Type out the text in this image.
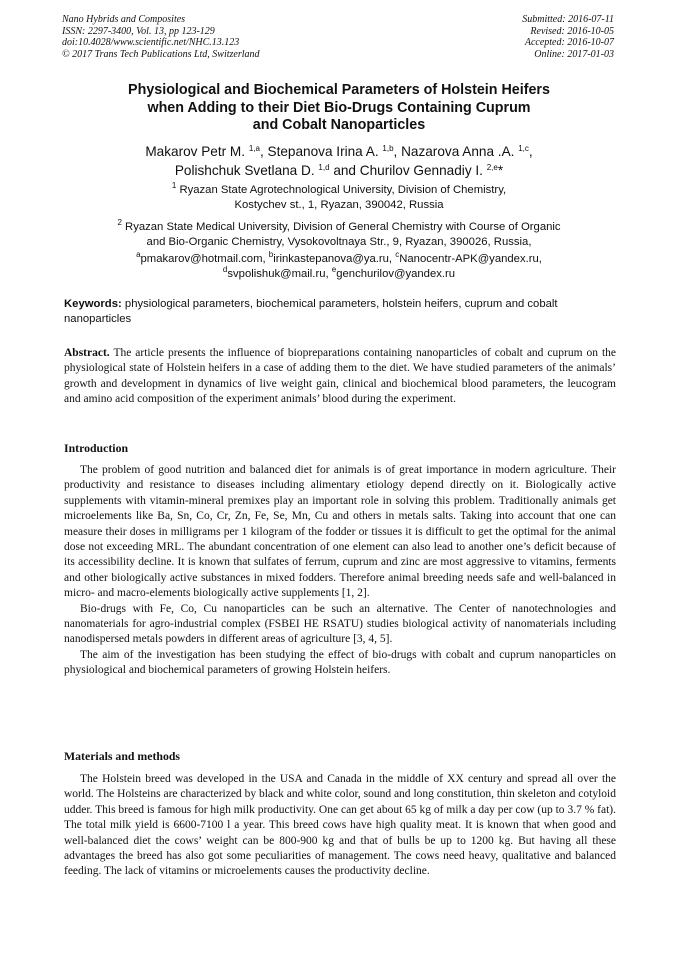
Nano Hybrids and Composites
ISSN: 2297-3400, Vol. 13, pp 123-129
doi:10.4028/www.scientific.net/NHC.13.123
© 2017 Trans Tech Publications Ltd, Switzerland
Submitted: 2016-07-11
Revised: 2016-10-05
Accepted: 2016-10-07
Online: 2017-01-03
Physiological and Biochemical Parameters of Holstein Heifers
when Adding to their Diet Bio-Drugs Containing Cuprum
and Cobalt Nanoparticles
Makarov Petr M. $^{1,a}$, Stepanova Irina A. $^{1,b}$, Nazarova Anna .A. $^{1,c}$,
Polishchuk Svetlana D. $^{1,d}$ and Churilov Gennadiy I. $^{2,e}$*
$^1$ Ryazan State Agrotechnological University, Division of Chemistry,
Kostychev st., 1, Ryazan, 390042, Russia
$^2$ Ryazan State Medical University, Division of General Chemistry with Course of Organic
and Bio-Organic Chemistry, Vysokovoltnaya Str., 9, Ryazan, 390026, Russia,
$^a$pmakarov@hotmail.com, $^b$irinkastepanova@ya.ru, $^c$Nanocentr-APK@yandex.ru,
$^d$svpolishuk@mail.ru, $^e$genchurilov@yandex.ru
Keywords: physiological parameters, biochemical parameters, holstein heifers, cuprum and cobalt nanoparticles

Abstract. The article presents the influence of biopreparations containing nanoparticles of cobalt and cuprum on the physiological state of Holstein heifers in a case of adding them to the diet. We have studied parameters of the animals’ growth and development in dynamics of live weight gain, clinical and biochemical blood parameters, the leucogram and amino acid composition of the experiment animals’ blood during the experiment.

Introduction

The problem of good nutrition and balanced diet for animals is of great importance in modern agriculture. Their productivity and resistance to diseases including alimentary etiology depend directly on it. Biologically active supplements with vitamin-mineral premixes play an important role in solving this problem. Traditionally animals get microelements like Ba, Sn, Co, Cr, Zn, Fe, Se, Mn, Cu and others in metals salts. Taking into account that one can measure their doses in milligrams per 1 kilogram of the fodder or tissues it is difficult to get the optimal for the animal dose not exceeding MRL. The abundant concentration of one element can also lead to another one’s deficit because of its accessibility decline. It is known that sulfates of ferrum, cuprum and zinc are most aggressive to vitamins, ferments and other biologically active substances in mixed fodders. Therefore animal breeding needs safe and well-balanced in micro- and macro-elements biologically active supplements [1, 2].

Bio-drugs with Fe, Co, Cu nanoparticles can be such an alternative. The Center of nanotechnologies and nanomaterials for agro-industrial complex (FSBEI HE RSATU) studies biological activity of nanomaterials including nanodispersed metals powders in different areas of agriculture [3, 4, 5].

The aim of the investigation has been studying the effect of bio-drugs with cobalt and cuprum nanoparticles on physiological and biochemical parameters of growing Holstein heifers.

Materials and methods

The Holstein breed was developed in the USA and Canada in the middle of XX century and spread all over the world. The Holsteins are characterized by black and white color, sound and long constitution, thin skeleton and cotyloid udder. This breed is famous for high milk productivity. One can get about 65 kg of milk a day per cow (up to 3.7 % fat). The total milk yield is 6600-7100 l a year. This breed cows have high quality meat. It is known that when good and well-balanced diet the cows’ weight can be 800-900 kg and that of bulls be up to 1200 kg. But having all these advantages the breed has also got some peculiarities of management. The cows need heavy, qualitative and balanced feeding. The lack of vitamins or microelements causes the productivity decline.
